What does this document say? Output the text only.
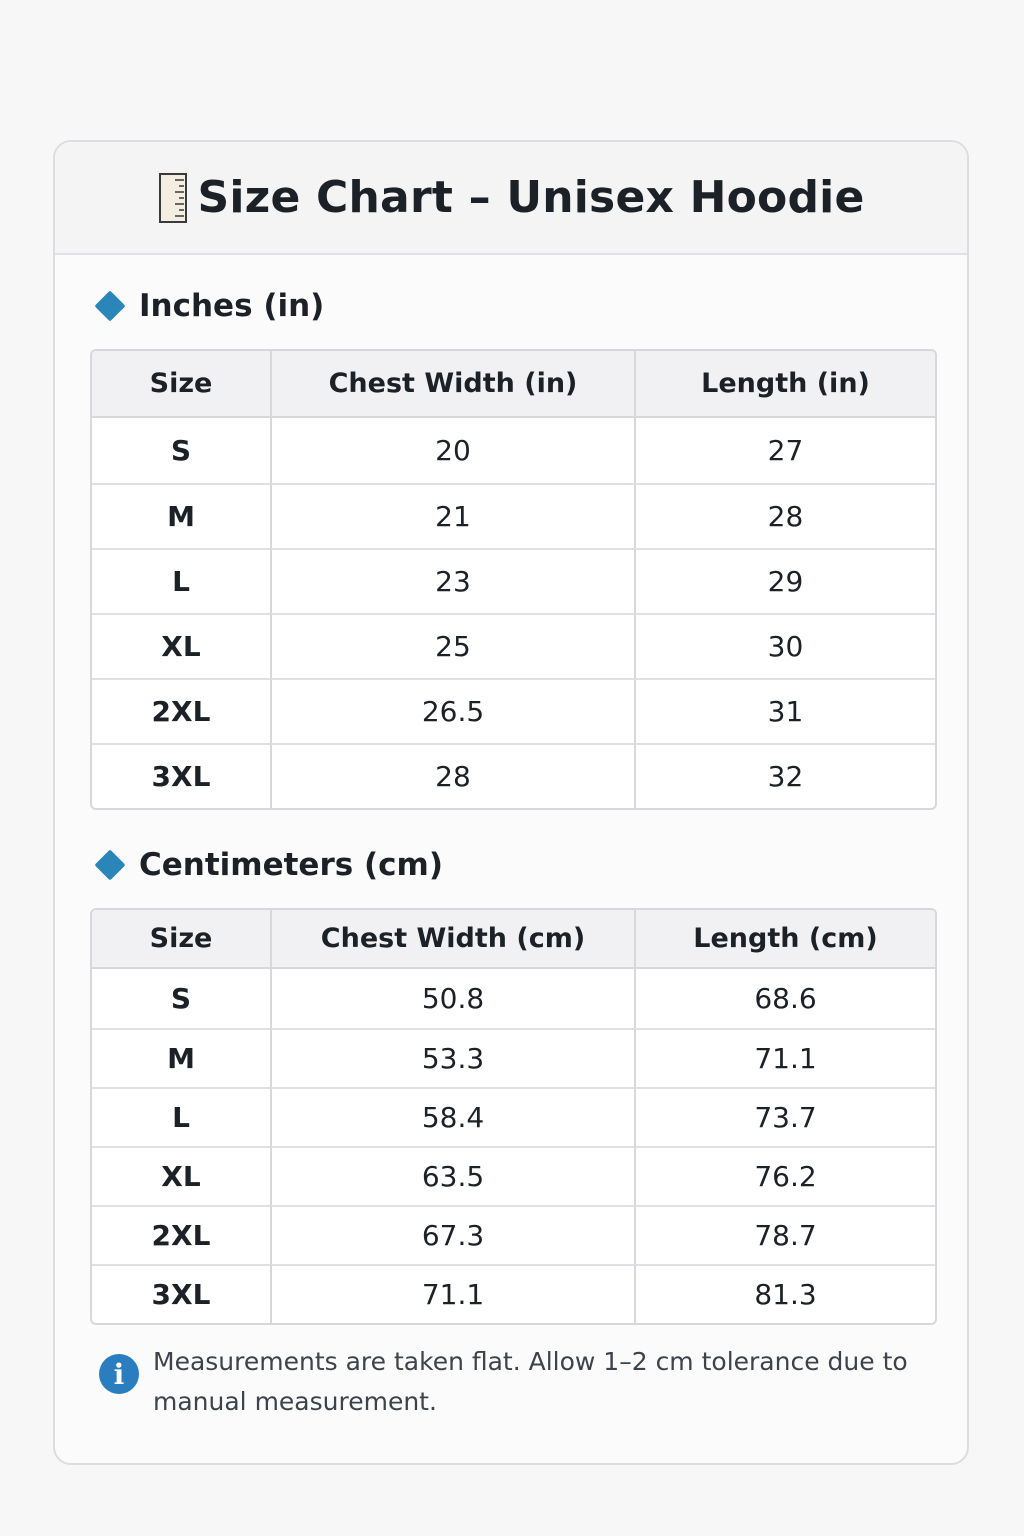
Size Chart – Unisex Hoodie
Inches (in)
Size	Chest Width (in)	Length (in)
S	20	27
M	21	28
L	23	29
XL	25	30
2XL	26.5	31
3XL	28	32
Centimeters (cm)
Size	Chest Width (cm)	Length (cm)
S	50.8	68.6
M	53.3	71.1
L	58.4	73.7
XL	63.5	76.2
2XL	67.3	78.7
3XL	71.1	81.3
i	Measurements are taken flat. Allow 1–2 cm tolerance due to manual measurement.
